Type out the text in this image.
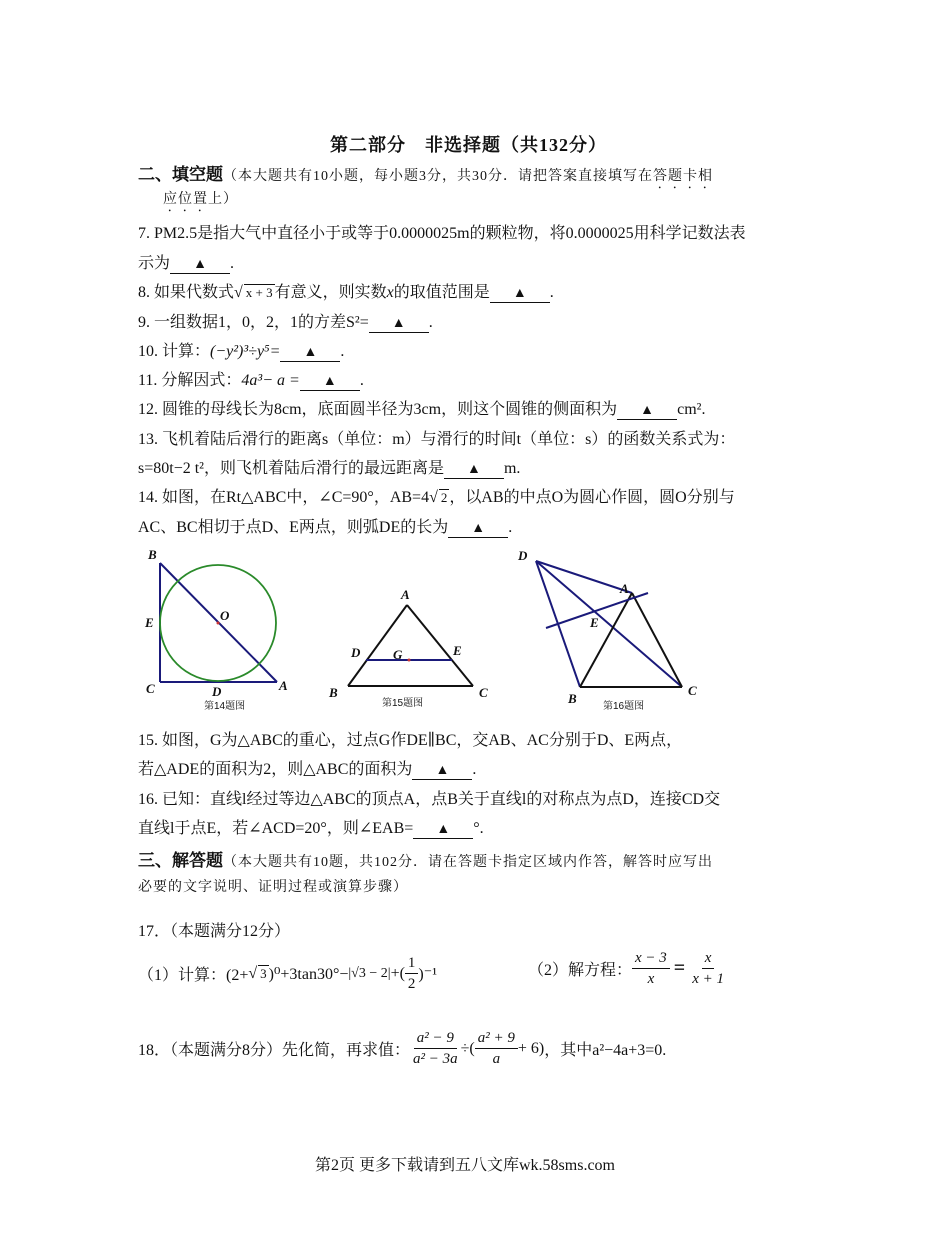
第二部分　非选择题（共132分）
二、填空题（本大题共有10小题，每小题3分，共30分．请把答案直接填写在答题卡相
应位置上）
7. PM2.5是指大气中直径小于或等于0.0000025m的颗粒物，将0.0000025用科学记数法表
示为 ▲ .
8. 如果代数式√ x + 3 有意义，则实数x的取值范围是 ▲ .
9. 一组数据1，0，2，1的方差S²= ▲ .
10. 计算：(−y²)³÷y⁵= ▲ .
11. 分解因式：4a³− a = ▲ .
12. 圆锥的母线长为8cm，底面圆半径为3cm，则这个圆锥的侧面积为 ▲ cm².
13. 飞机着陆后滑行的距离s（单位：m）与滑行的时间t（单位：s）的函数关系式为：
s=80t−2 t²，则飞机着陆后滑行的最远距离是 ▲ m.
14. 如图，在Rt△ABC中，∠C=90°，AB=4√ 2 ，以AB的中点O为圆心作圆，圆O分别与
AC、BC相切于点D、E两点，则弧DE的长为 ▲ .
B
E	O
C	D	A
第14题图
A
D	G	E
B	C
第15题图
D
A
E
B
C
第16题图
15. 如图，G为△ABC的重心，过点G作DE∥BC，交AB、AC分别于D、E两点，
若△ADE的面积为2，则△ABC的面积为 ▲ .
16. 已知：直线l经过等边△ABC的顶点A，点B关于直线l的对称点为点D，连接CD交
直线l于点E，若∠ACD=20°，则∠EAB= ▲ °.
三、解答题（本大题共有10题，共102分．请在答题卡指定区域内作答，解答时应写出
必要的文字说明、证明过程或演算步骤）
17．（本题满分12分）
（1）计算：(2+ √ 3 )⁰+3tan30°− |√3 − 2| +( $\frac{1}{2} )^{-1}$	（2）解方程： $\frac{x - 3}{x} = \frac{x}{x + 1}$
18．（本题满分8分）先化简，再求值： $\frac{\text{a² − 9}}{\text{a² − 3a}}$ ÷( $\frac{\text{a² + 9}}{a} + 6$) ，其中a²−4a+3=0.
第2页 更多下载请到五八文库wk.58sms.com
